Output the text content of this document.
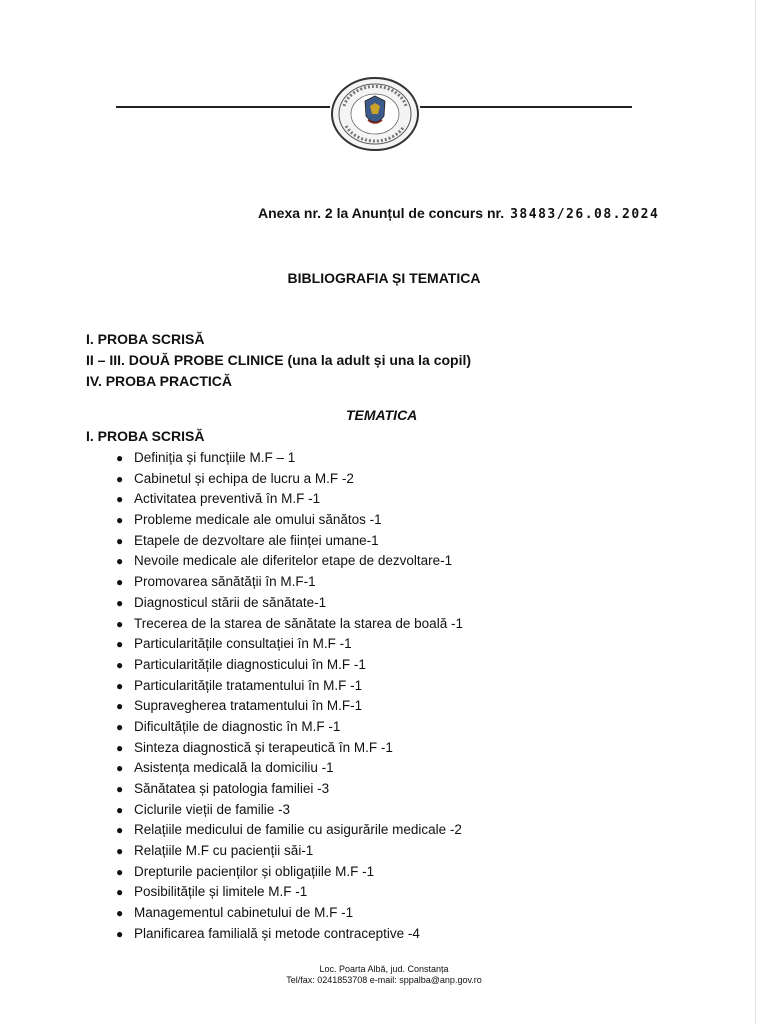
Anexa nr. 2 la Anunțul de concurs nr. 38483/26.08.2024
BIBLIOGRAFIA ȘI TEMATICA
I. PROBA SCRISĂ
II – III. DOUĂ PROBE CLINICE (una la adult și una la copil)
IV. PROBA PRACTICĂ
TEMATICA
I. PROBA SCRISĂ
● Definiția și funcțiile M.F – 1
● Cabinetul și echipa de lucru a M.F -2
● Activitatea preventivă în M.F -1
● Probleme medicale ale omului sănătos -1
● Etapele de dezvoltare ale ființei umane-1
● Nevoile medicale ale diferitelor etape de dezvoltare-1
● Promovarea sănătății în M.F-1
● Diagnosticul stării de sănătate-1
● Trecerea de la starea de sănătate la starea de boală -1
● Particularitățile consultației în M.F -1
● Particularitățile diagnosticului în M.F -1
● Particularitățile tratamentului în M.F -1
● Supravegherea tratamentului în M.F-1
● Dificultățile de diagnostic în M.F -1
● Sinteza diagnostică și terapeutică în M.F -1
● Asistența medicală la domiciliu -1
● Sănătatea și patologia familiei -3
● Ciclurile vieții de familie -3
● Relațiile medicului de familie cu asigurările medicale -2
● Relațiile M.F cu pacienții săi-1
● Drepturile pacienților și obligațiile M.F -1
● Posibilitățile și limitele M.F -1
● Managementul cabinetului de M.F -1
● Planificarea familială și metode contraceptive -4
Loc. Poarta Albă, jud. Constanța
Tel/fax: 0241853708 e-mail: sppalba@anp.gov.ro
